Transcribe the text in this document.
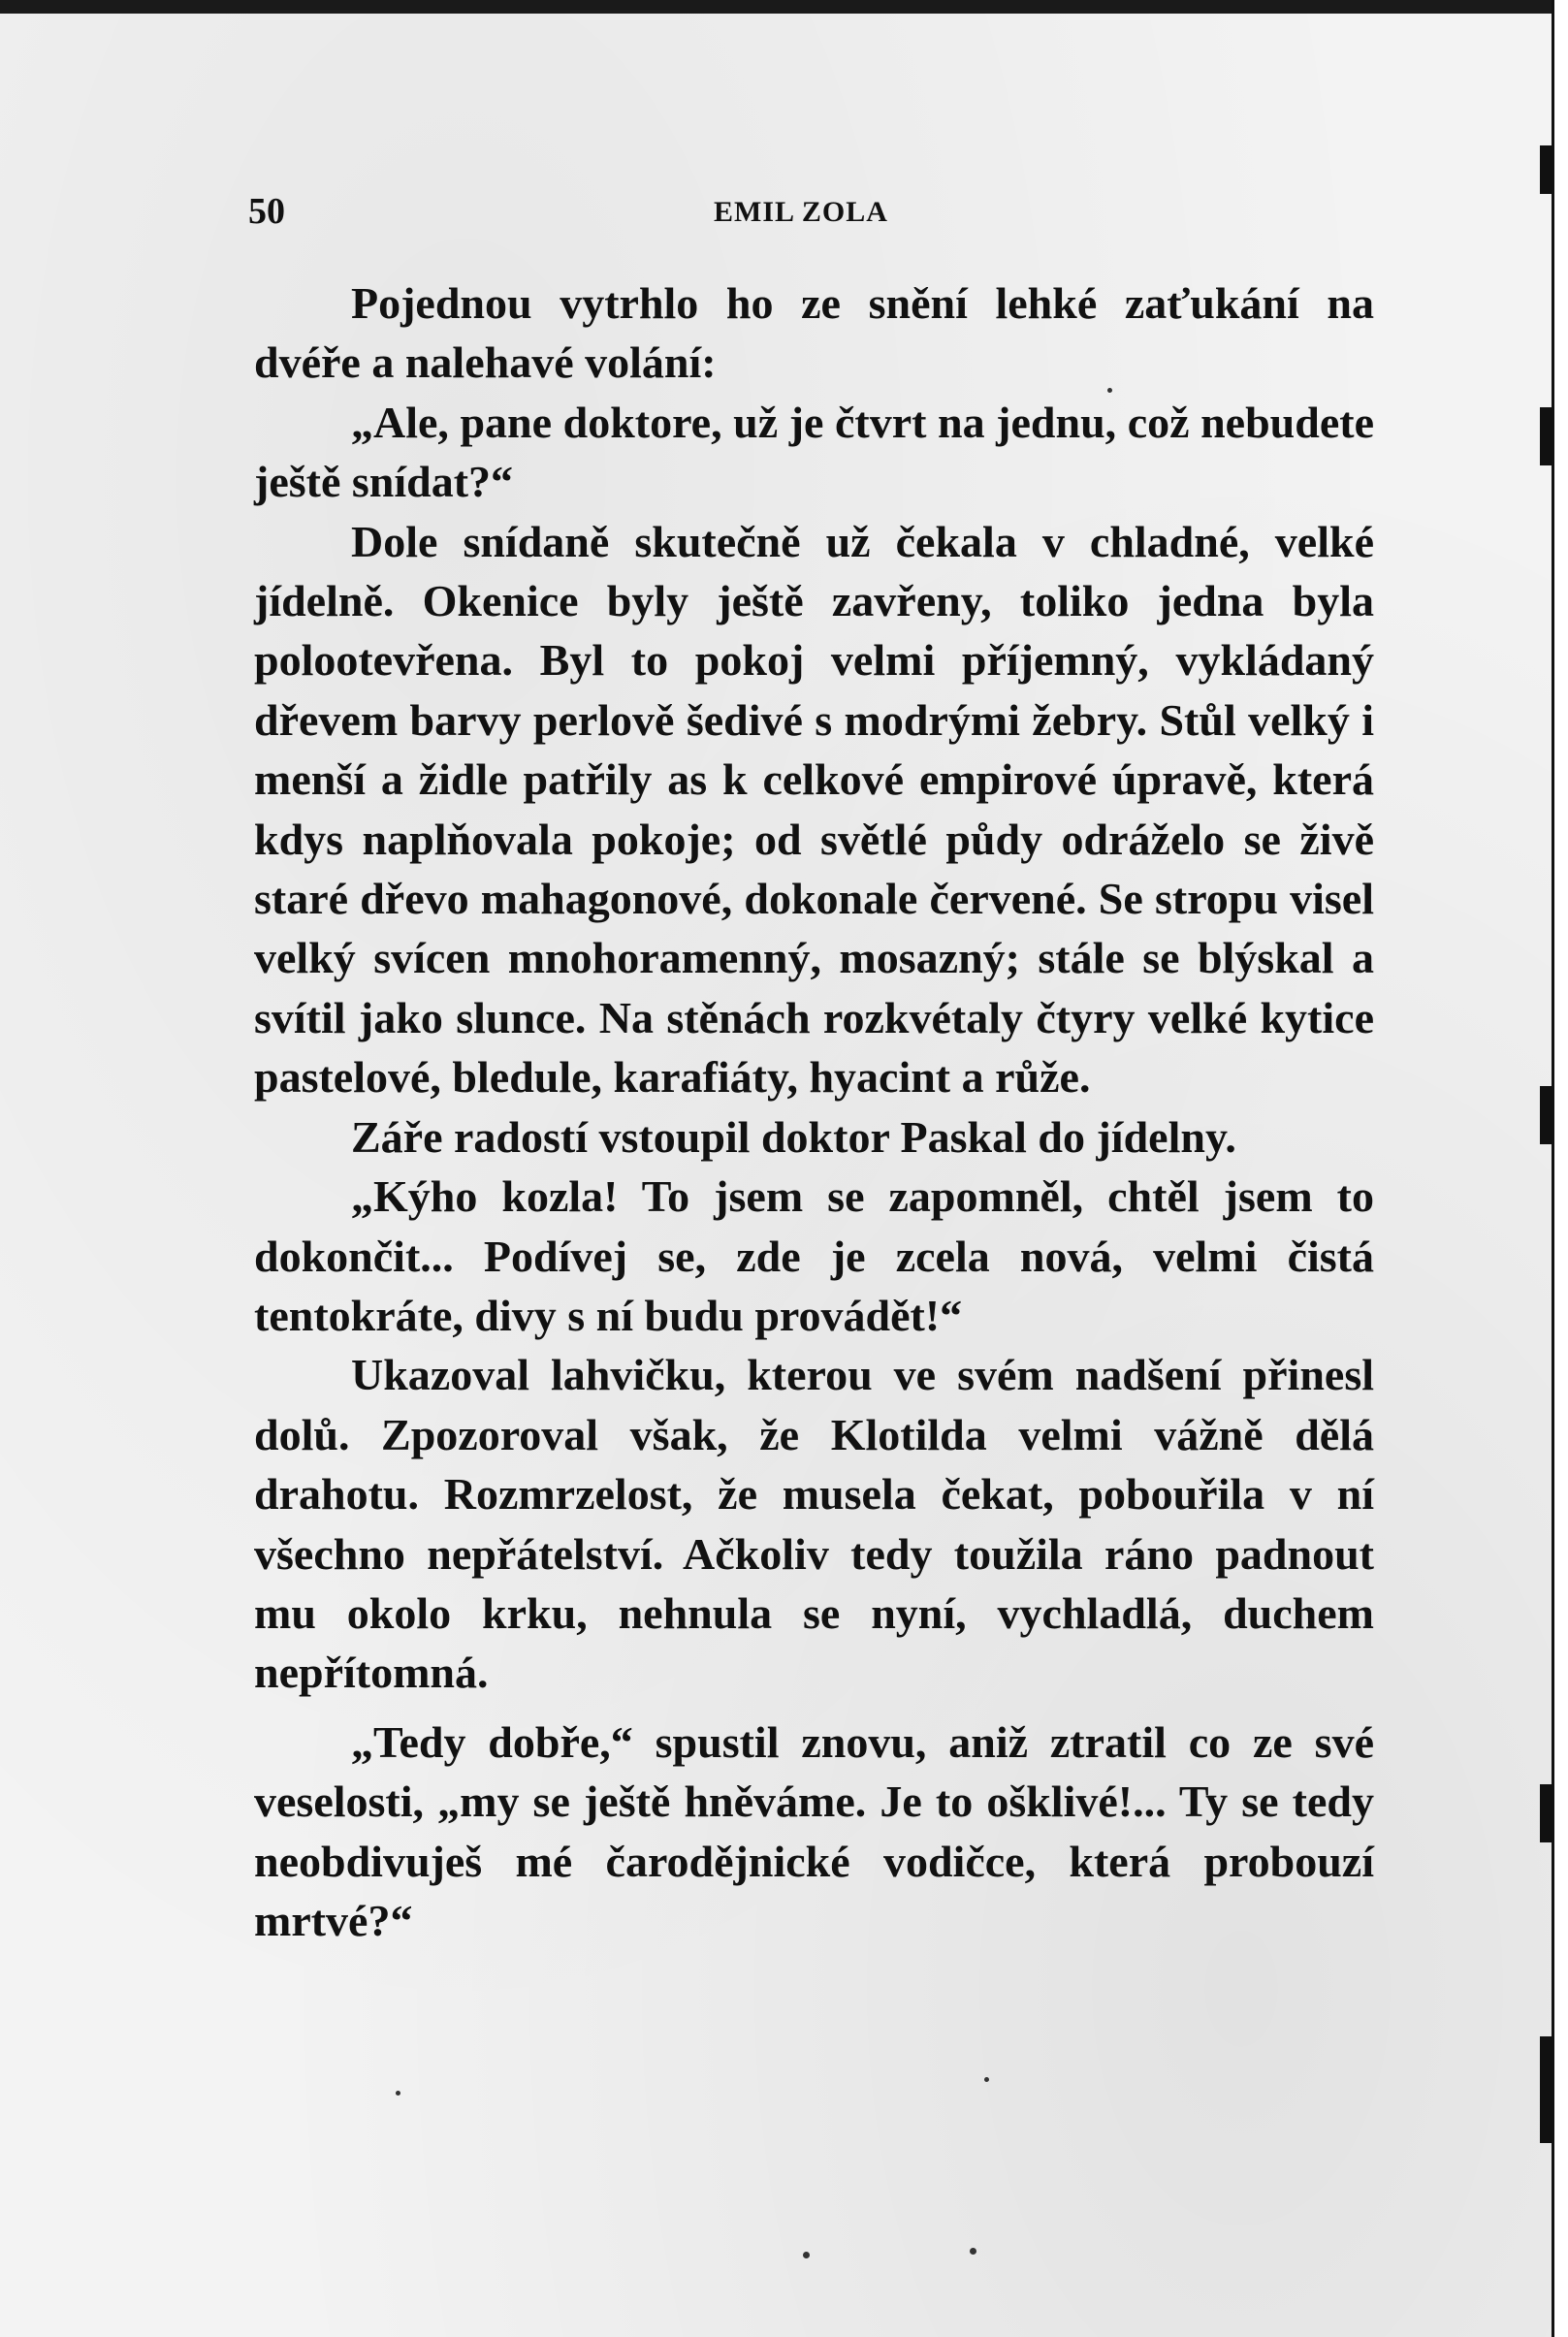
50	EMIL ZOLA

Pojednou vytrhlo ho ze snění lehké zaťukání na dvéře a nalehavé volání:

„Ale, pane doktore, už je čtvrt na jednu, což nebudete ještě snídat?“

Dole snídaně skutečně už čekala v chladné, velké jídelně. Okenice byly ještě zavřeny, toliko jedna byla polootevřena. Byl to pokoj velmi příjemný, vykládaný dřevem barvy perlově šedivé s modrými žebry. Stůl velký i menší a židle patřily as k celkové empirové úpravě, která kdys naplňovala pokoje; od světlé půdy odráželo se živě staré dřevo mahagonové, dokonale červené. Se stropu visel velký svícen mnohoramenný, mosazný; stále se blýskal a svítil jako slunce. Na stěnách rozkvétaly čtyry velké kytice pastelové, bledule, karafiáty, hyacint a růže.

Záře radostí vstoupil doktor Paskal do jídelny.

„Kýho kozla! To jsem se zapomněl, chtěl jsem to dokončit... Podívej se, zde je zcela nová, velmi čistá tentokráte, divy s ní budu provádět!“

Ukazoval lahvičku, kterou ve svém nadšení přinesl dolů. Zpozoroval však, že Klotilda velmi vážně dělá drahotu. Rozmrzelost, že musela čekat, pobouřila v ní všechno nepřátelství. Ačkoliv tedy toužila ráno padnout mu okolo krku, nehnula se nyní, vychladlá, duchem nepřítomná.

„Tedy dobře,“ spustil znovu, aniž ztratil co ze své veselosti, „my se ještě hněváme. Je to ošklivé!... Ty se tedy neobdivuješ mé čarodějnické vodičce, která probouzí mrtvé?“
